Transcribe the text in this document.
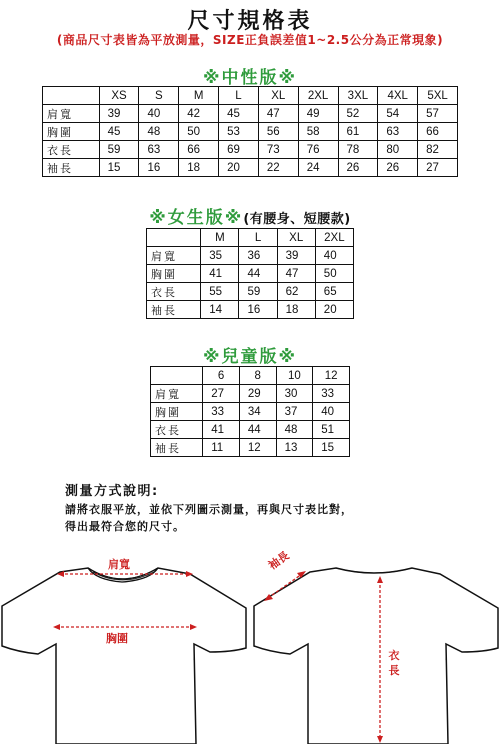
尺寸規格表
(商品尺寸表皆為平放測量，SIZE正負誤差值1~2.5公分為正常現象)
※中性版※
	XS	S	M	L	XL	2XL	3XL	4XL	5XL
肩寬	39	40	42	45	47	49	52	54	57
胸圍	45	48	50	53	56	58	61	63	66
衣長	59	63	66	69	73	76	78	80	82
袖長	15	16	18	20	22	24	26	26	27
※女生版※(有腰身、短腰款)
	M	L	XL	2XL
肩寬	35	36	39	40
胸圍	41	44	47	50
衣長	55	59	62	65
袖長	14	16	18	20
※兒童版※
	6	8	10	12
肩寬	27	29	30	33
胸圍	33	34	37	40
衣長	41	44	48	51
袖長	11	12	13	15
測量方式說明:
請將衣服平放，並依下列圖示測量，再與尺寸表比對，
得出最符合您的尺寸。
肩寬
胸圍
袖長
衣長
